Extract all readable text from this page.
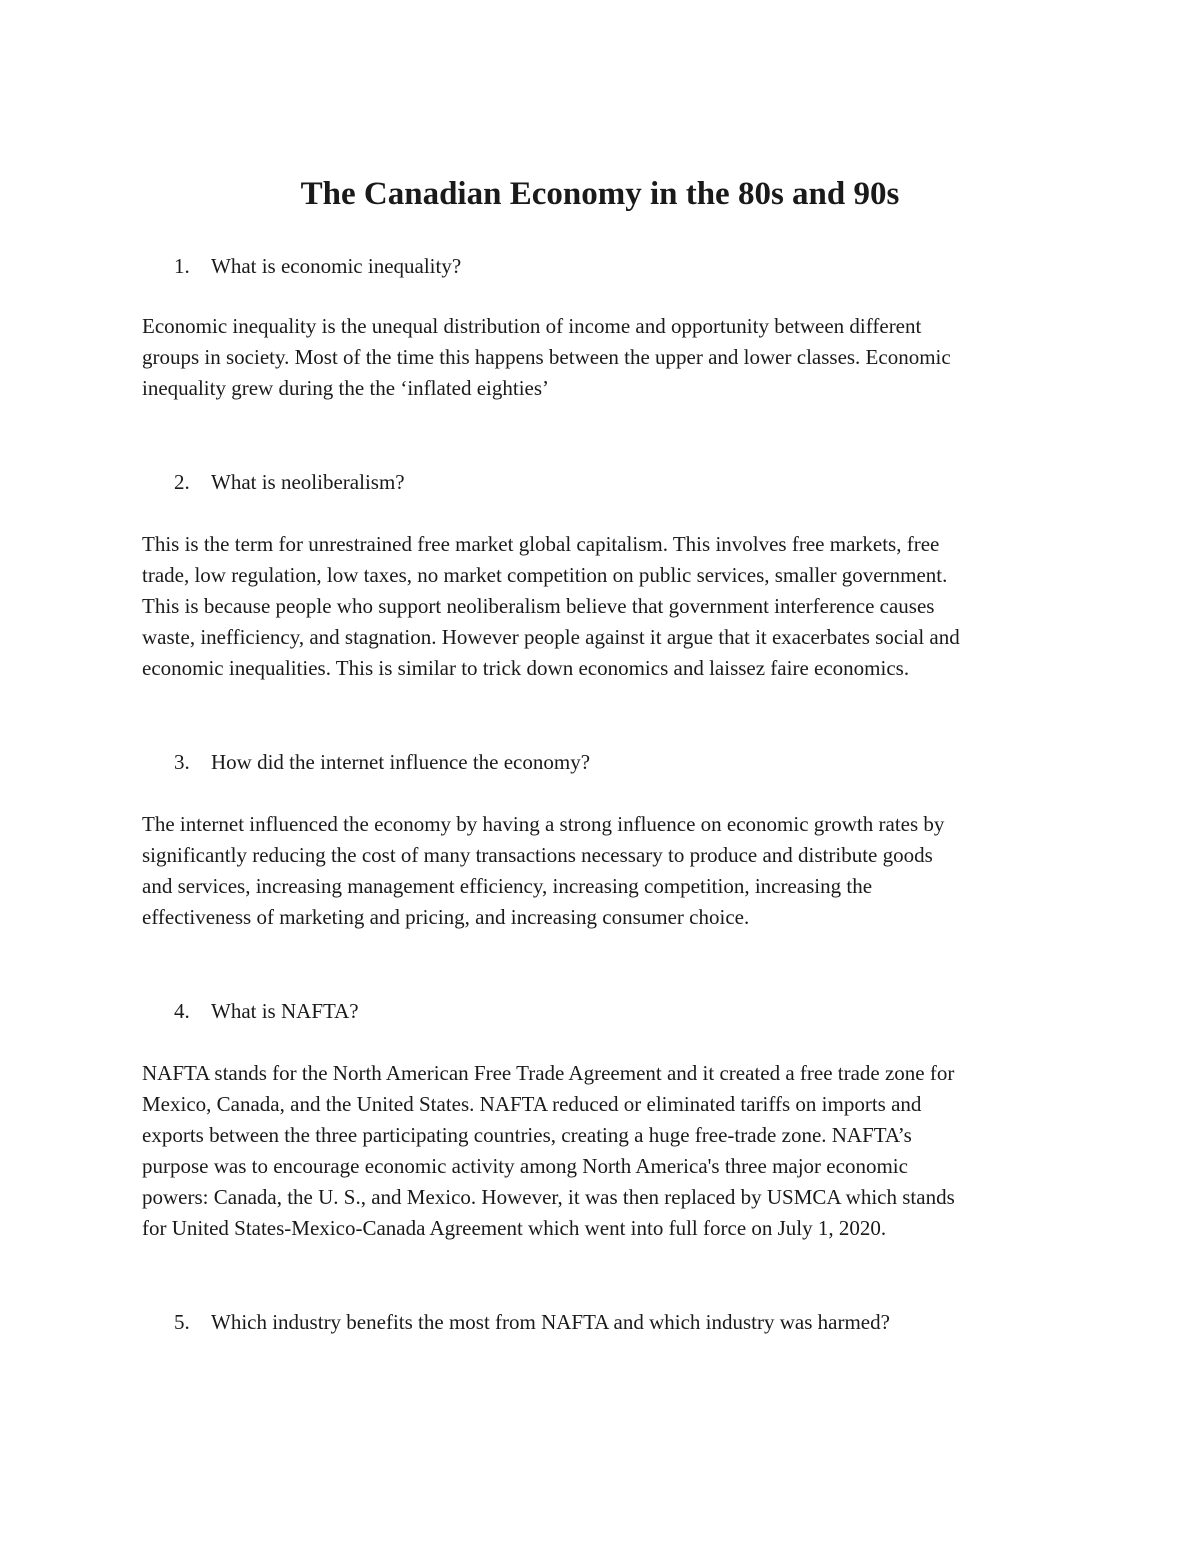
The Canadian Economy in the 80s and 90s

1. What is economic inequality?

Economic inequality is the unequal distribution of income and opportunity between different
groups in society. Most of the time this happens between the upper and lower classes. Economic
inequality grew during the the ‘inflated eighties’

2. What is neoliberalism?

This is the term for unrestrained free market global capitalism. This involves free markets, free
trade, low regulation, low taxes, no market competition on public services, smaller government.
This is because people who support neoliberalism believe that government interference causes
waste, inefficiency, and stagnation. However people against it argue that it exacerbates social and
economic inequalities. This is similar to trick down economics and laissez faire economics.

3. How did the internet influence the economy?

The internet influenced the economy by having a strong influence on economic growth rates by
significantly reducing the cost of many transactions necessary to produce and distribute goods
and services, increasing management efficiency, increasing competition, increasing the
effectiveness of marketing and pricing, and increasing consumer choice.

4. What is NAFTA?

NAFTA stands for the North American Free Trade Agreement and it created a free trade zone for
Mexico, Canada, and the United States. NAFTA reduced or eliminated tariffs on imports and
exports between the three participating countries, creating a huge free-trade zone. NAFTA’s
purpose was to encourage economic activity among North America's three major economic
powers: Canada, the U. S., and Mexico. However, it was then replaced by USMCA which stands
for United States-Mexico-Canada Agreement which went into full force on July 1, 2020.

5. Which industry benefits the most from NAFTA and which industry was harmed?
